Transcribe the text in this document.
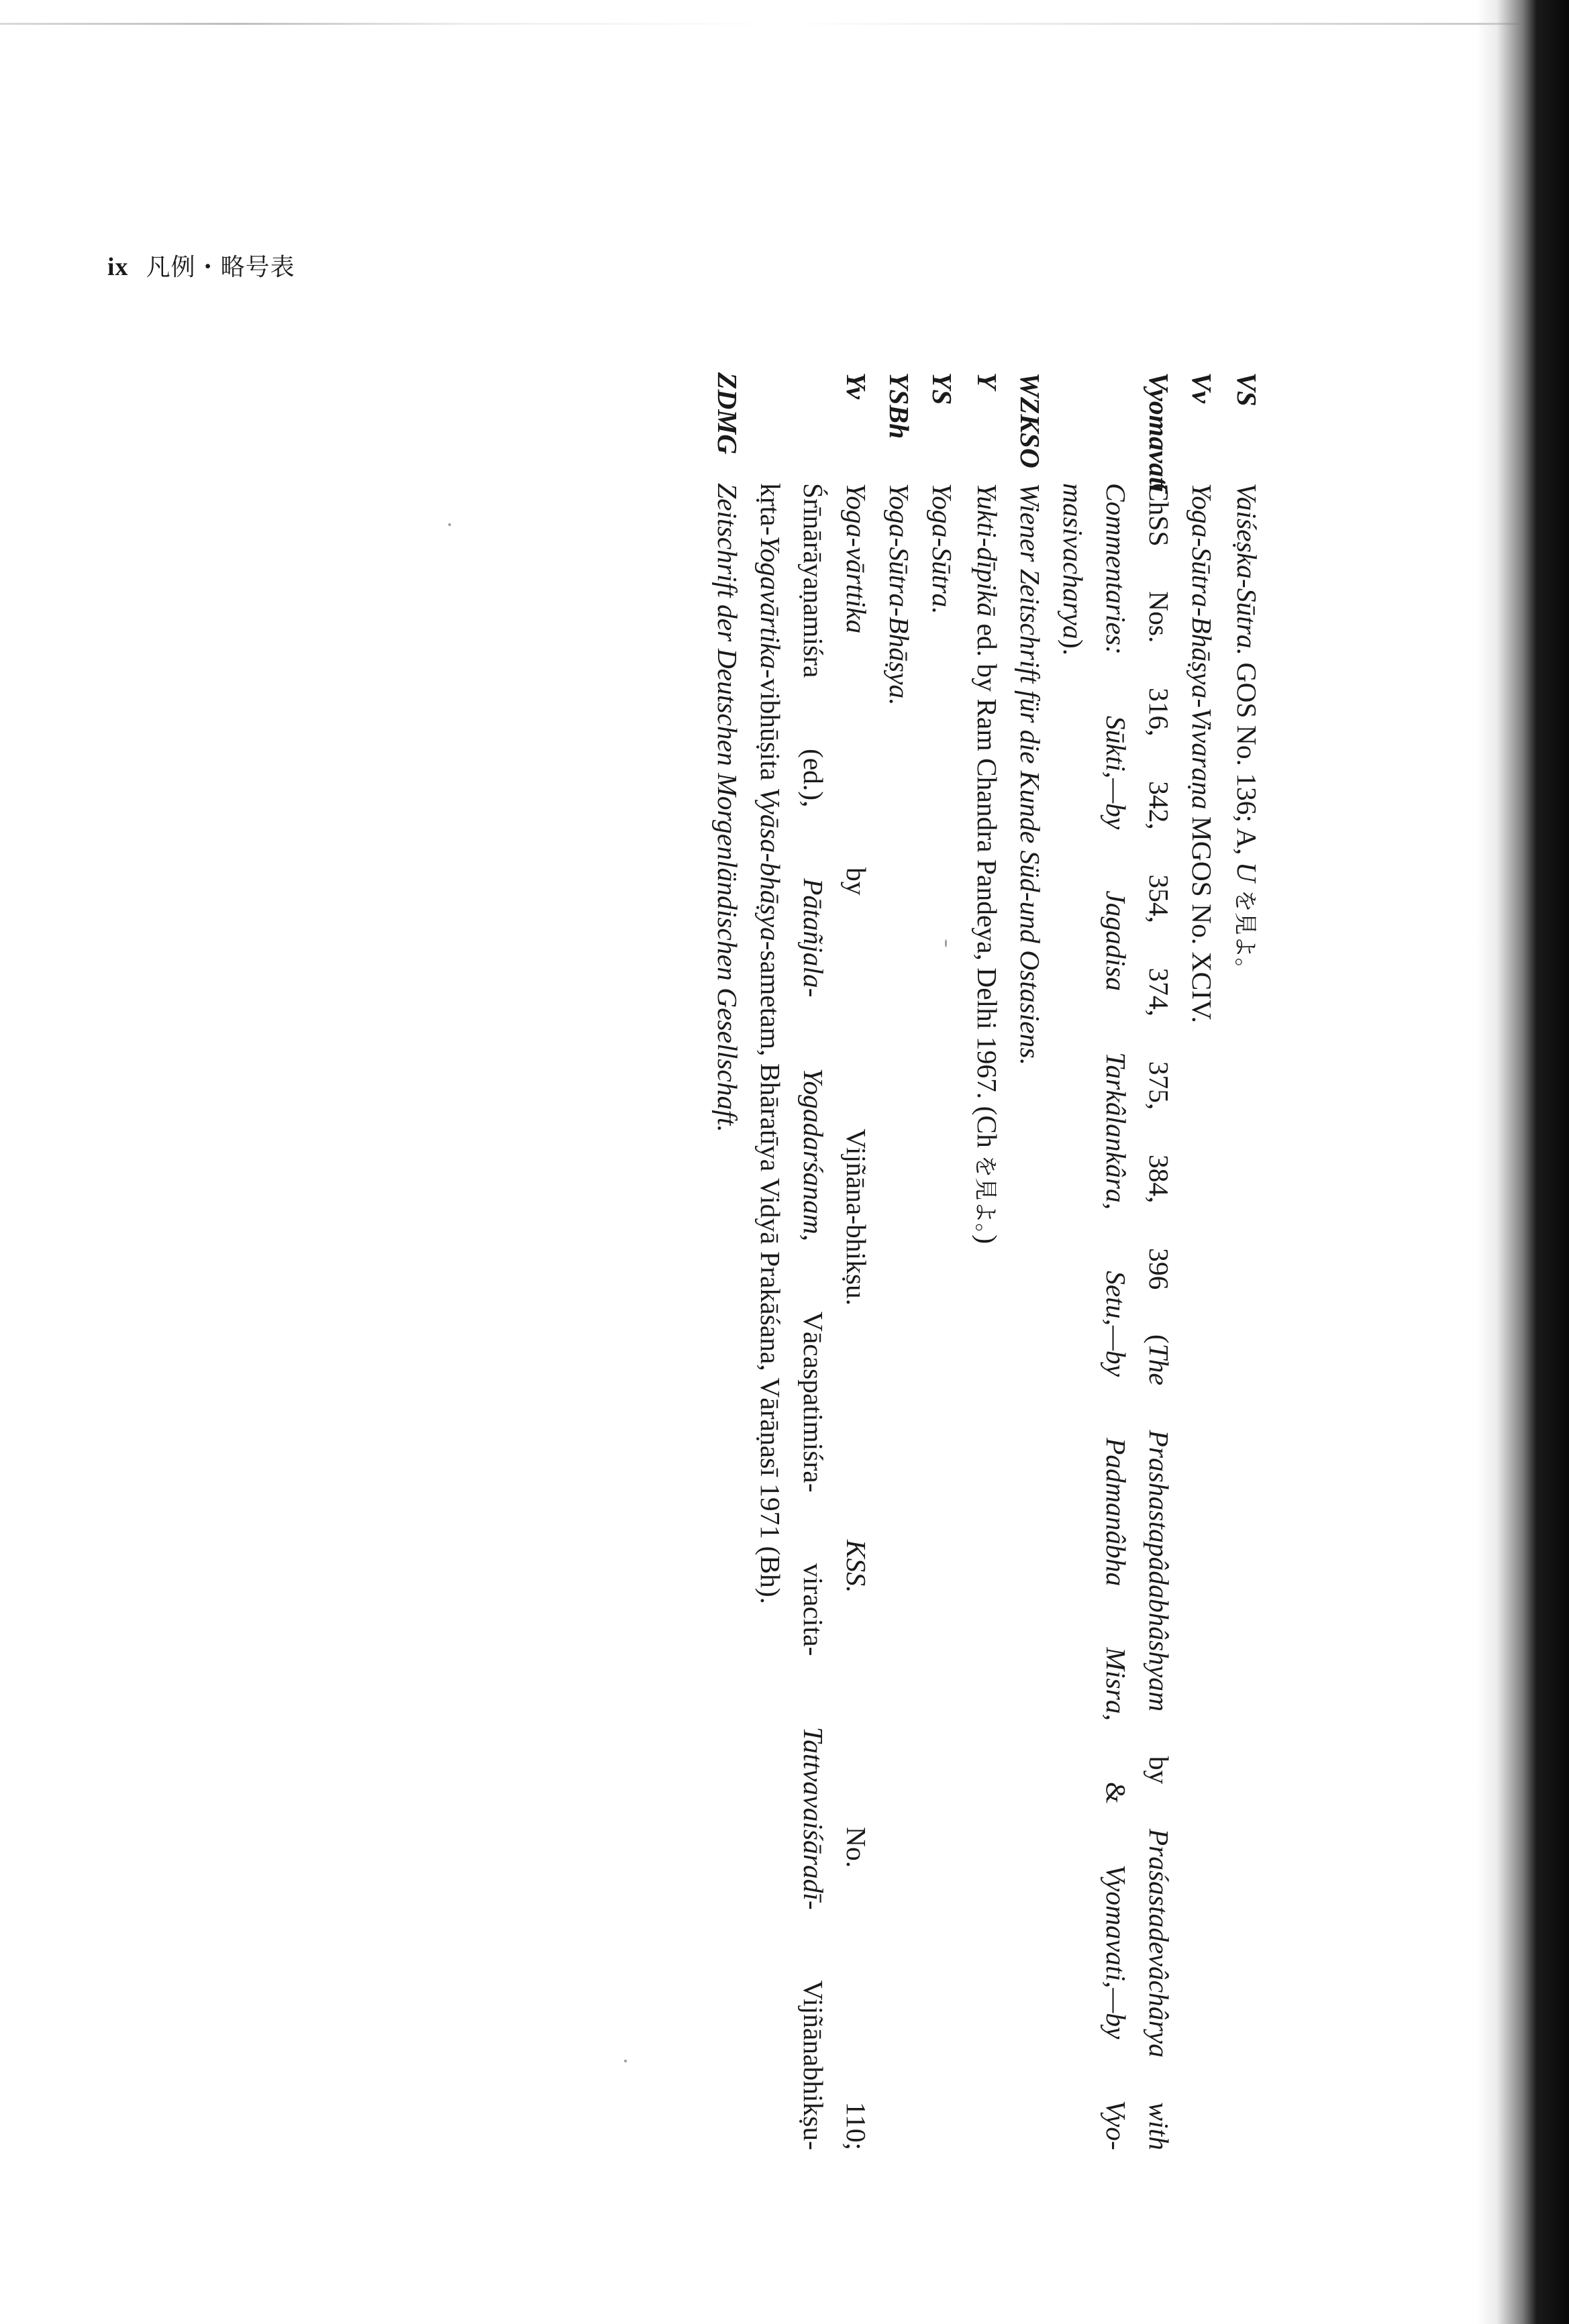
ix 凡例・略号表
VS
Vaiśeṣka-Sūtra. GOS No. 136; A, U を見よ。
Vv
Yoga-Sūtra-Bhāṣya-Vivaraṇa MGOS No. XCIV.
Vyomavatī
ChSS Nos. 316, 342, 354, 374, 375, 384, 396 (The Prashastapâdabhâshyam by Praśastadevâchârya with
Commentaries: Sūkti,—by Jagadisa Tarkâlankâra, Setu,—by Padmanâbha Misra, & Vyomavati,—by Vyo-
masivacharya).
WZKSO
Wiener Zeitschrift für die Kunde Süd-und Ostasiens.
Y
Yukti-dīpikā ed. by Ram Chandra Pandeya, Delhi 1967. (Ch を見よ。)
YS
Yoga-Sūtra.
YSBh
Yoga-Sūtra-Bhāṣya.
Yv
Yoga-vārttika by Vijñāna-bhikṣu. KSS. No. 110;
Śrīnārāyaṇamiśra (ed.), Pātañjala- Yogadarśanam, Vācaspatimiśra- viracita- Tattvavaiśāradī- Vijñānabhikṣu-
kṛta-Yogavārtika-vibhūṣita Vyāsa-bhāṣya-sametam, Bhāratīya Vidyā Prakāśana, Vārāṇasī 1971 (Bh).
ZDMG
Zeitschrift der Deutschen Morgenländischen Gesellschaft.
